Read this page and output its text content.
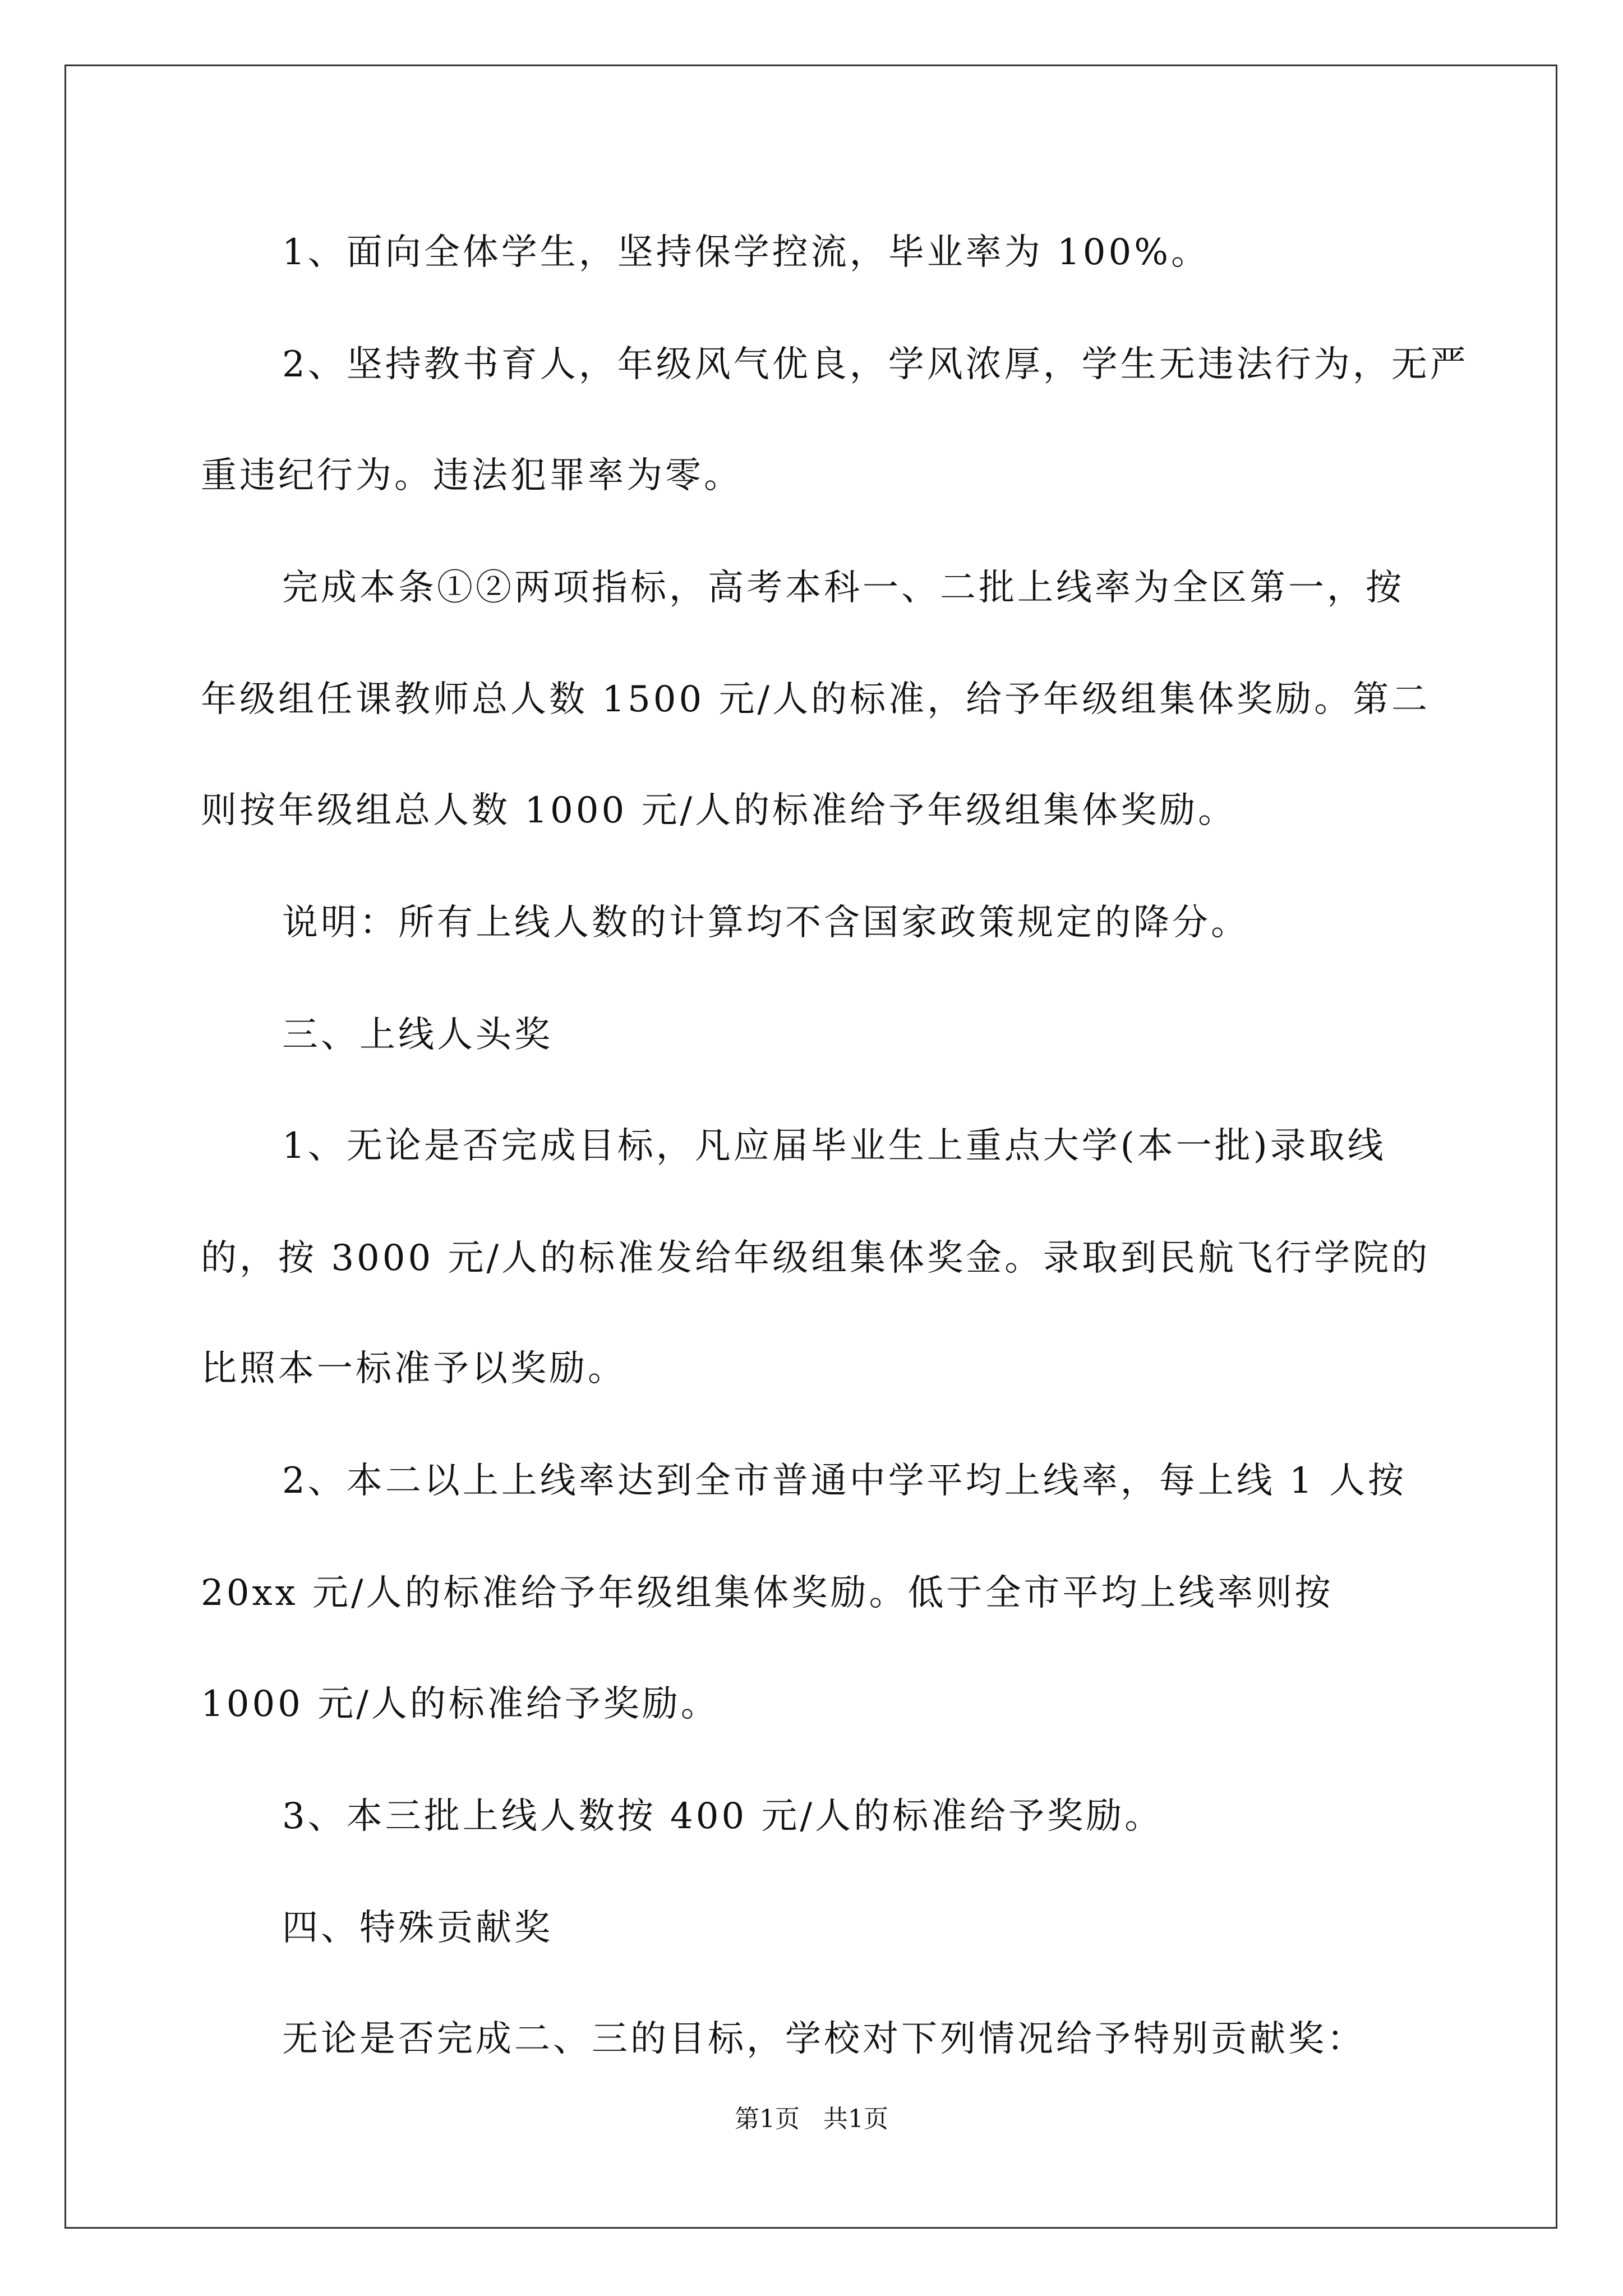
1、面向全体学生，坚持保学控流，毕业率为 100%。
2、坚持教书育人，年级风气优良，学风浓厚，学生无违法行为，无严
重违纪行为。违法犯罪率为零。
完成本条①②两项指标，高考本科一、二批上线率为全区第一，按
年级组任课教师总人数 1500 元/人的标准，给予年级组集体奖励。第二
则按年级组总人数 1000 元/人的标准给予年级组集体奖励。
说明：所有上线人数的计算均不含国家政策规定的降分。
三、上线人头奖
1、无论是否完成目标，凡应届毕业生上重点大学(本一批)录取线
的，按 3000 元/人的标准发给年级组集体奖金。录取到民航飞行学院的
比照本一标准予以奖励。
2、本二以上上线率达到全市普通中学平均上线率，每上线 1 人按
20xx 元/人的标准给予年级组集体奖励。低于全市平均上线率则按
1000 元/人的标准给予奖励。
3、本三批上线人数按 400 元/人的标准给予奖励。
四、特殊贡献奖
无论是否完成二、三的目标，学校对下列情况给予特别贡献奖：
第1页 共1页
